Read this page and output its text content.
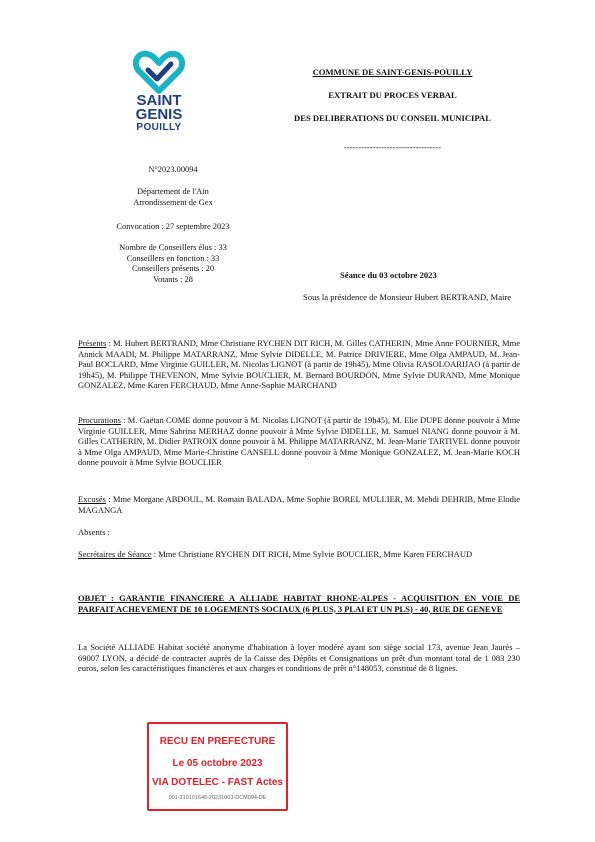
SAINT
GENIS
POUILLY
N°2023.00094
Département de l'Ain
Arrondissement de Gex
Convocation : 27 septembre 2023
Nombre de Conseillers élus : 33
Conseillers en fonction : 33
Conseillers présents : 20
Votants : 28
COMMUNE DE SAINT-GENIS-POUILLY
EXTRAIT DU PROCES VERBAL
DES DELIBERATIONS DU CONSEIL MUNICIPAL
----------------------------------
Séance du 03 octobre 2023
Sous la présidence de Monsieur Hubert BERTRAND, Maire
Présents : M. Hubert BERTRAND, Mme Christiane RYCHEN DIT RICH, M. Gilles CATHERIN, Mme Anne FOURNIER, Mme Annick MAADI, M. Philippe MATARRANZ, Mme Sylvie DIDELLE, M. Patrice DRIVIERE, Mme Olga AMPAUD, M. Jean-Paul BOCLARD, Mme Virginie GUILLER, M. Nicolas LIGNOT (à partir de 19h45), Mme Olivia RASOLOARIJAO (à partir de 19h45), M. Philippe THEVENON, Mme Sylvie BOUCLIER, M. Bernard BOURDON, Mme Sylvie DURAND, Mme Monique GONZALEZ, Mme Karen FERCHAUD, Mme Anne-Sophie MARCHAND
Procurations : M. Gaëtan COME donne pouvoir à M. Nicolas LIGNOT (à partir de 19h45), M. Elie DUPE donne pouvoir à Mme Virginie GUILLER, Mme Sabrina MERHAZ donne pouvoir à Mme Sylvie DIDELLE, M. Samuel NIANG donne pouvoir à M. Gilles CATHERIN, M. Didier PATROIX donne pouvoir à M. Philippe MATARRANZ, M. Jean-Marie TARTIVEL donne pouvoir à Mme Olga AMPAUD, Mme Marie-Christine CANSELL donne pouvoir à Mme Monique GONZALEZ, M. Jean-Marie KOCH donne pouvoir à Mme Sylvie BOUCLIER
Excusés : Mme Morgane ABDOUL, M. Romain BALADA, Mme Sophie BOREL MULLIER, M. Mehdi DEHRIB, Mme Elodie MAGANGA
Absents :
Secrétaires de Séance : Mme Christiane RYCHEN DIT RICH, Mme Sylvie BOUCLIER, Mme Karen FERCHAUD
OBJET : GARANTIE FINANCIERE A ALLIADE HABITAT RHONE-ALPES - ACQUISITION EN VOIE DE PARFAIT ACHEVEMENT DE 10 LOGEMENTS SOCIAUX (6 PLUS, 3 PLAI ET UN PLS) - 40, RUE DE GENEVE
La Société ALLIADE Habitat société anonyme d'habitation à loyer modéré ayant son siège social 173, avenue Jean Jaurès – 69007 LYON, a décidé de contracter auprès de la Caisse des Dépôts et Consignations un prêt d'un montant total de 1 083 230 euros, selon les caractéristiques financières et aux charges et conditions de prêt n°148053, constitué de 8 lignes.
RECU EN PREFECTURE
Le 05 octobre 2023
VIA DOTELEC - FAST Actes
001-210101648-20231003-DCM094-DE
